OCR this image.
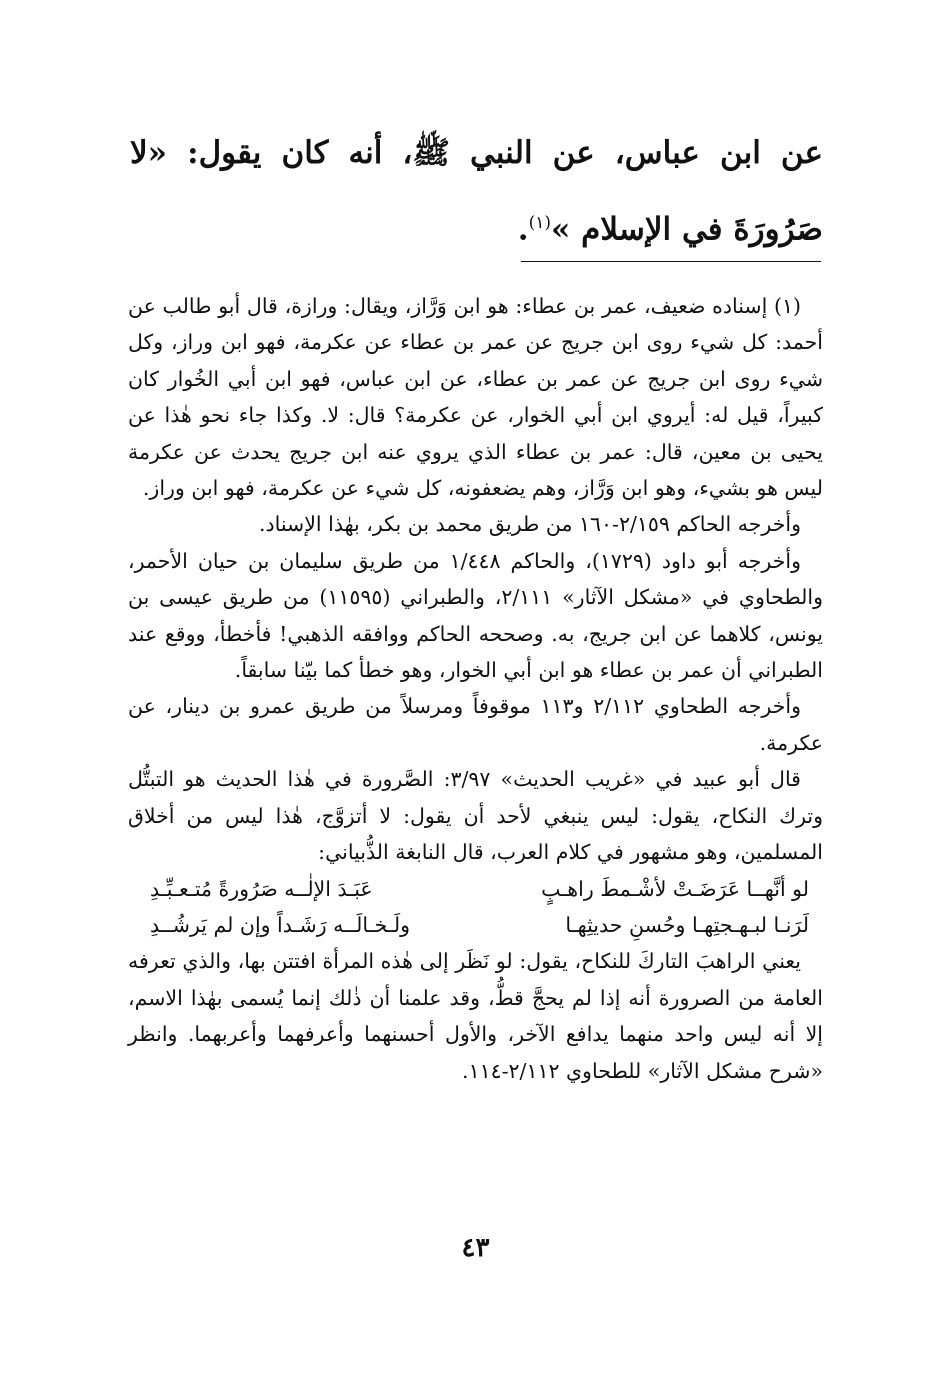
عن ابن عباس، عن النبي ﷺ، أنه كان يقول: «لا صَرُورَةَ في الإسلام »$^{(١)}$.

(١) إسناده ضعيف، عمر بن عطاء: هو ابن وَرَّاز، ويقال: ورازة، قال أبو طالب عن أحمد: كل شيء روى ابن جريج عن عمر بن عطاء عن عكرمة، فهو ابن وراز، وكل شيء روى ابن جريج عن عمر بن عطاء، عن ابن عباس، فهو ابن أبي الخُوار كان كبيراً، قيل له: أيروي ابن أبي الخوار، عن عكرمة؟ قال: لا. وكذا جاء نحو هٰذا عن يحيى بن معين، قال: عمر بن عطاء الذي يروي عنه ابن جريج يحدث عن عكرمة ليس هو بشيء، وهو ابن وَرَّاز، وهم يضعفونه، كل شيء عن عكرمة، فهو ابن وراز.

وأخرجه الحاكم ٢/١٥٩-١٦٠ من طريق محمد بن بكر، بهٰذا الإسناد.

وأخرجه أبو داود (١٧٢٩)، والحاكم ١/٤٤٨ من طريق سليمان بن حيان الأحمر، والطحاوي في «مشكل الآثار» ٢/١١١، والطبراني (١١٥٩٥) من طريق عيسى بن يونس، كلاهما عن ابن جريج، به. وصححه الحاكم ووافقه الذهبي! فأخطأ، ووقع عند الطبراني أن عمر بن عطاء هو ابن أبي الخوار، وهو خطأ كما بيّنا سابقاً.

وأخرجه الطحاوي ٢/١١٢ و١١٣ موقوفاً ومرسلاً من طريق عمرو بن دينار، عن عكرمة.

قال أبو عبيد في «غريب الحديث» ٣/٩٧: الصَّرورة في هٰذا الحديث هو التبتُّل وترك النكاح، يقول: ليس ينبغي لأحد أن يقول: لا أتزوَّج، هٰذا ليس من أخلاق المسلمين، وهو مشهور في كلام العرب، قال النابغة الذُّبياني:

لو أنَّهــا عَرَضَـتْ لأشْـمطَ راهـبٍ
عَبَـدَ الإلٰــه صَرُورةً مُتـعـبِّـدِ
لَرَنـا لبـهـجتِهـا وحُسنِ حديثِهـا
ولَـخـالَــه رَشَـداً وإن لم يَرشُــدِ

يعني الراهبَ التاركَ للنكاح، يقول: لو نَظَر إلى هٰذه المرأة افتتن بها، والذي تعرفه العامة من الصرورة أنه إذا لم يحجَّ قطُّ، وقد علمنا أن ذٰلك إنما يُسمى بهٰذا الاسم، إلا أنه ليس واحد منهما يدافع الآخر، والأول أحسنهما وأعرفهما وأعربهما. وانظر «شرح مشكل الآثار» للطحاوي ٢/١١٢-١١٤.

٤٣
